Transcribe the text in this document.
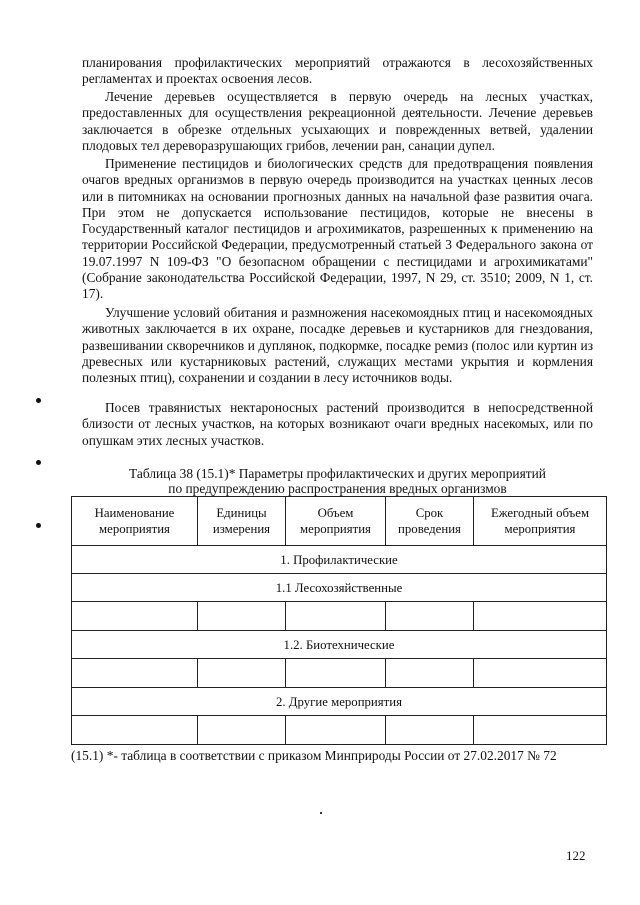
планирования профилактических мероприятий отражаются в лесохозяйственных регламентах и проектах освоения лесов.

Лечение деревьев осуществляется в первую очередь на лесных участках, предоставленных для осуществления рекреационной деятельности. Лечение деревьев заключается в обрезке отдельных усыхающих и поврежденных ветвей, удалении плодовых тел дереворазрушающих грибов, лечении ран, санации дупел.

Применение пестицидов и биологических средств для предотвращения появления очагов вредных организмов в первую очередь производится на участках ценных лесов или в питомниках на основании прогнозных данных на начальной фазе развития очага. При этом не допускается использование пестицидов, которые не внесены в Государственный каталог пестицидов и агрохимикатов, разрешенных к применению на территории Российской Федерации, предусмотренный статьей 3 Федерального закона от 19.07.1997 N 109-ФЗ "О безопасном обращении с пестицидами и агрохимикатами" (Собрание законодательства Российской Федерации, 1997, N 29, ст. 3510; 2009, N 1, ст. 17).

Улучшение условий обитания и размножения насекомоядных птиц и насекомоядных животных заключается в их охране, посадке деревьев и кустарников для гнездования, развешивании скворечников и дуплянок, подкормке, посадке ремиз (полос или куртин из древесных или кустарниковых растений, служащих местами укрытия и кормления полезных птиц), сохранении и создании в лесу источников воды.

Посев травянистых нектароносных растений производится в непосредственной близости от лесных участков, на которых возникают очаги вредных насекомых, или по опушкам этих лесных участков.

Таблица 38 (15.1)* Параметры профилактических и других мероприятий
по предупреждению распространения вредных организмов
Наименование мероприятия	Единицы измерения	Объем мероприятия	Срок проведения	Ежегодный объем мероприятия
1. Профилактические				
1.1 Лесохозяйственные				

1.2. Биотехнические				

2. Другие мероприятия				

(15.1) *- таблица в соответствии с приказом Минприроды России от 27.02.2017 № 72
122
